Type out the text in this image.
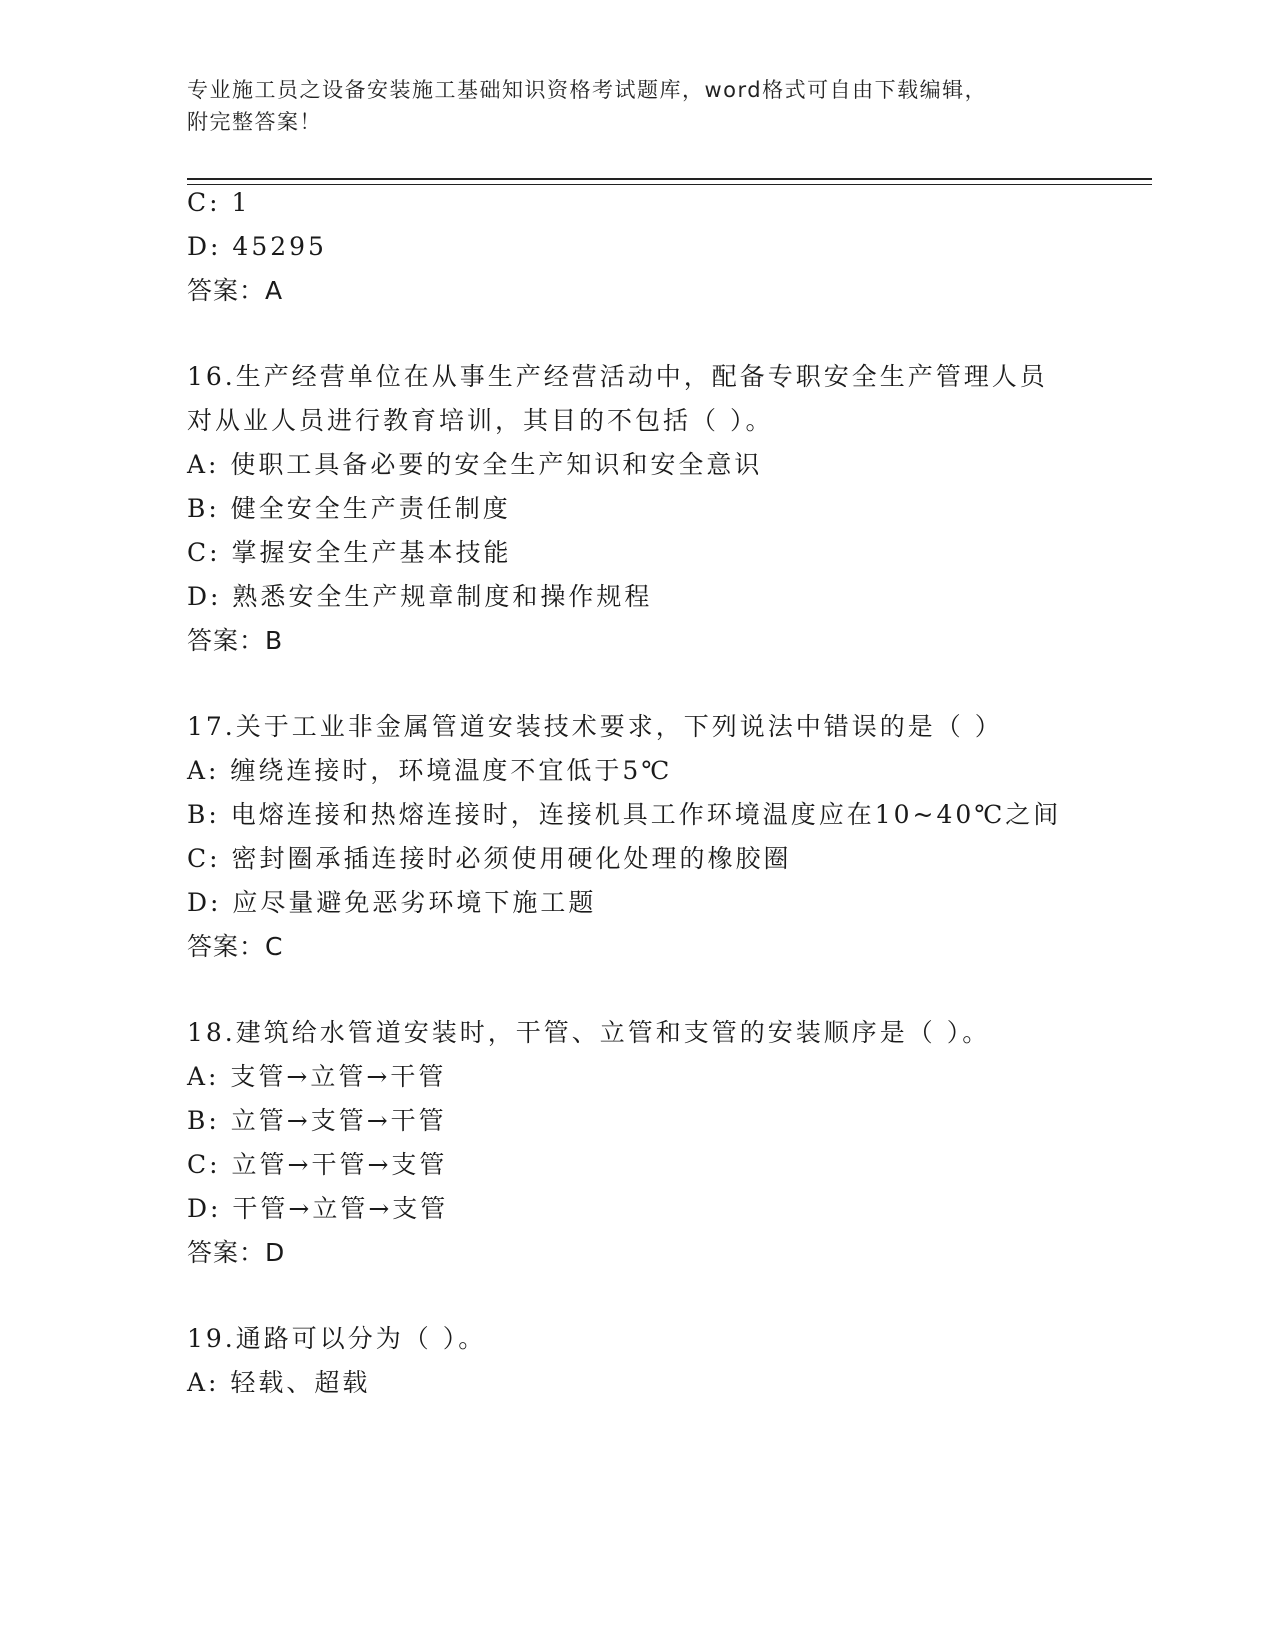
专业施工员之设备安装施工基础知识资格考试题库，word格式可自由下载编辑，
附完整答案！
C: 1
D: 45295
答案：A
16.生产经营单位在从事生产经营活动中，配备专职安全生产管理人员
对从业人员进行教育培训，其目的不包括（ ）。
A: 使职工具备必要的安全生产知识和安全意识
B: 健全安全生产责任制度
C: 掌握安全生产基本技能
D: 熟悉安全生产规章制度和操作规程
答案：B
17.关于工业非金属管道安装技术要求，下列说法中错误的是（ ）
A: 缠绕连接时，环境温度不宜低于5℃
B: 电熔连接和热熔连接时，连接机具工作环境温度应在10~40℃之间
C: 密封圈承插连接时必须使用硬化处理的橡胶圈
D: 应尽量避免恶劣环境下施工题
答案：C
18.建筑给水管道安装时，干管、立管和支管的安装顺序是（ ）。
A: 支管→立管→干管
B: 立管→支管→干管
C: 立管→干管→支管
D: 干管→立管→支管
答案：D
19.通路可以分为（ ）。
A: 轻载、超载
